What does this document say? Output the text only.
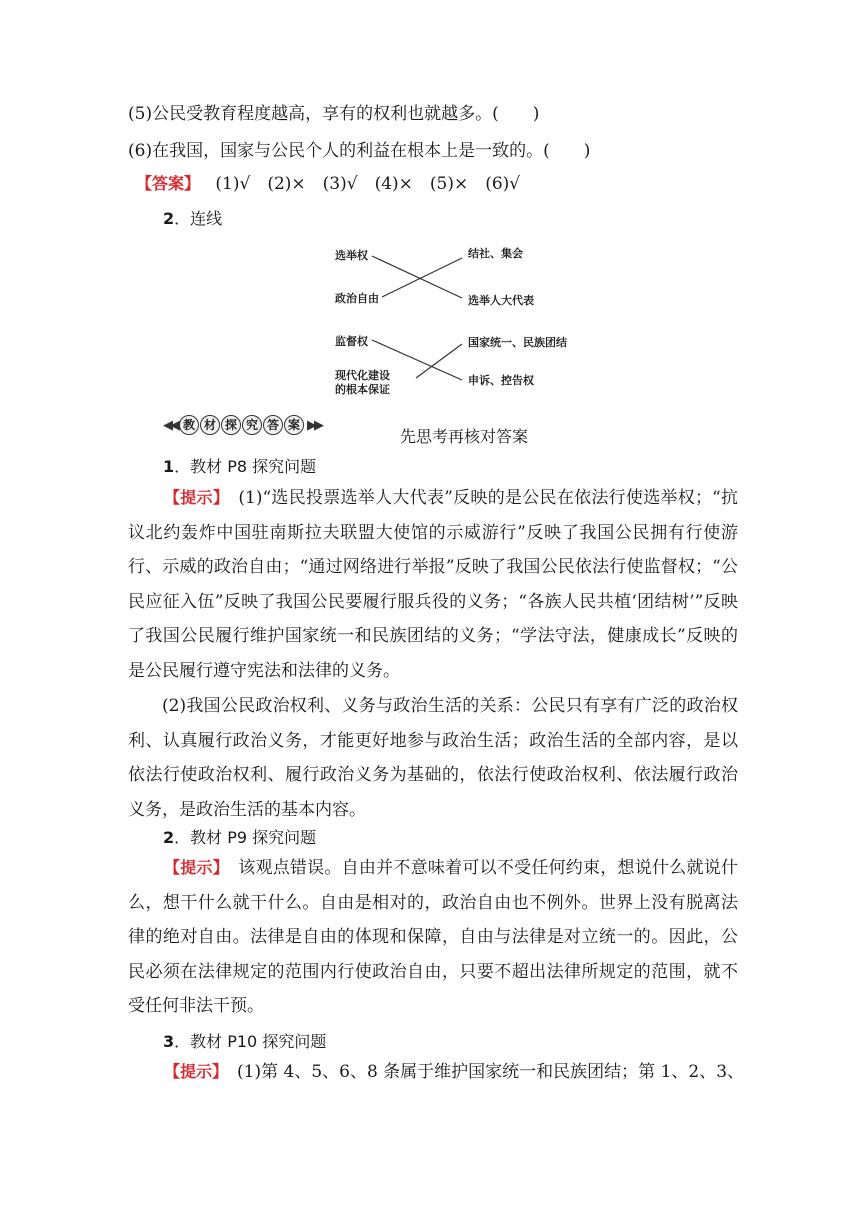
(5)公民受教育程度越高，享有的权利也就越多。(　　)
(6)在我国，国家与公民个人的利益在根本上是一致的。(　　)
【答案】 (1)√　(2)×　(3)√　(4)×　(5)×　(6)√
2．连线
选举权
政治自由
监督权
现代化建设
的根本保证
结社、集会
选举人大代表
国家统一、民族团结
申诉、控告权
◀◀ 教 材 探 究 答 案 ▶▶
先思考再核对答案
1．教材 P8 探究问题
【提示】　(1)“选民投票选举人大代表”反映的是公民在依法行使选举权；“抗议北约轰炸中国驻南斯拉夫联盟大使馆的示威游行”反映了我国公民拥有行使游行、示威的政治自由；“通过网络进行举报”反映了我国公民依法行使监督权；“公民应征入伍”反映了我国公民要履行服兵役的义务；“各族人民共植‘团结树’”反映了我国公民履行维护国家统一和民族团结的义务；“学法守法，健康成长”反映的是公民履行遵守宪法和法律的义务。
(2)我国公民政治权利、义务与政治生活的关系：公民只有享有广泛的政治权利、认真履行政治义务，才能更好地参与政治生活；政治生活的全部内容，是以依法行使政治权利、履行政治义务为基础的，依法行使政治权利、依法履行政治义务，是政治生活的基本内容。
2．教材 P9 探究问题
【提示】　该观点错误。自由并不意味着可以不受任何约束，想说什么就说什么，想干什么就干什么。自由是相对的，政治自由也不例外。世界上没有脱离法律的绝对自由。法律是自由的体现和保障，自由与法律是对立统一的。因此，公民必须在法律规定的范围内行使政治自由，只要不超出法律所规定的范围，就不受任何非法干预。
3．教材 P10 探究问题
【提示】　(1)第 4、5、6、8 条属于维护国家统一和民族团结；第 1、2、3、
